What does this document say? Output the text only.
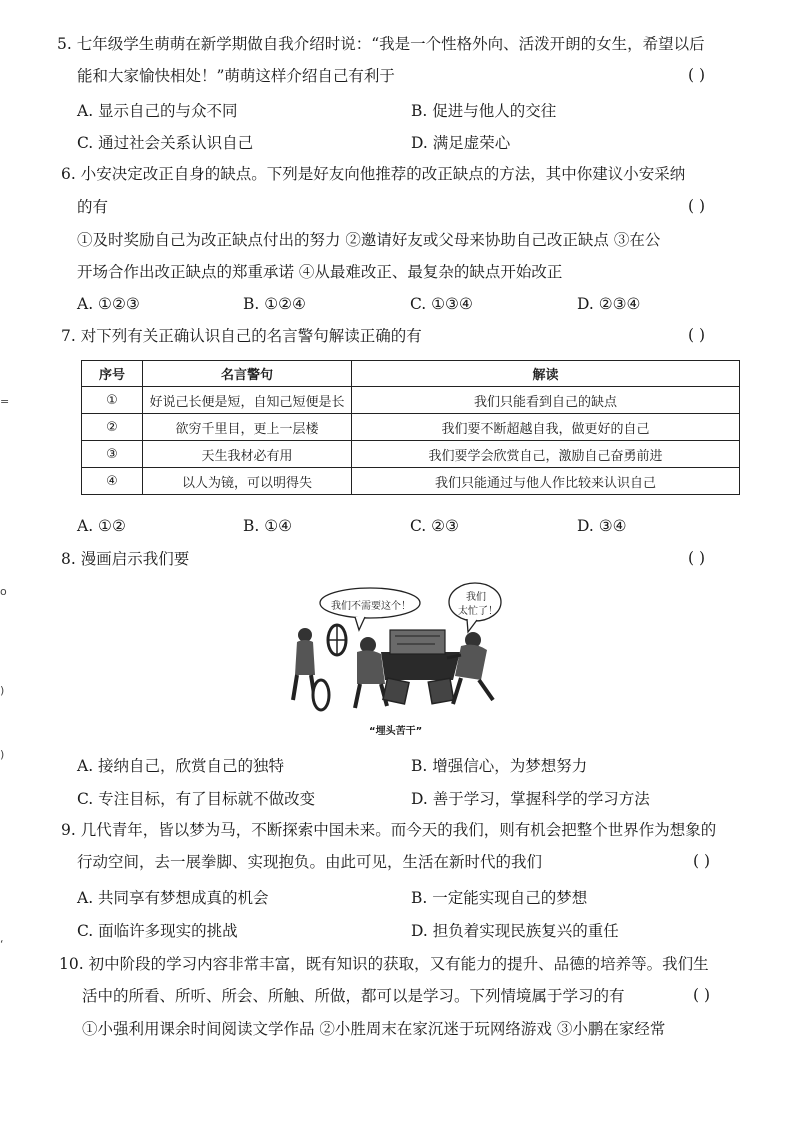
=
o
)
)
‘
5. 七年级学生萌萌在新学期做自我介绍时说：“我是一个性格外向、活泼开朗的女生，希望以后
能和大家愉快相处！”萌萌这样介绍自己有利于	( )
A. 显示自己的与众不同	B. 促进与他人的交往
C. 通过社会关系认识自己	D. 满足虚荣心
6. 小安决定改正自身的缺点。下列是好友向他推荐的改正缺点的方法，其中你建议小安采纳
的有	( )
①及时奖励自己为改正缺点付出的努力 ②邀请好友或父母来协助自己改正缺点 ③在公
开场合作出改正缺点的郑重承诺 ④从最难改正、最复杂的缺点开始改正
A. ①②③	B. ①②④	C. ①③④	D. ②③④
7. 对下列有关正确认识自己的名言警句解读正确的有	( )
序号	名言警句	解读
①	好说己长便是短，自知己短便是长	我们只能看到自己的缺点
②	欲穷千里目，更上一层楼	我们要不断超越自我，做更好的自己
③	天生我材必有用	我们要学会欣赏自己，激励自己奋勇前进
④	以人为镜，可以明得失	我们只能通过与他人作比较来认识自己
A. ①②	B. ①④	C. ②③	D. ③④
8. 漫画启示我们要	( )
我们不需要这个！
我们
太忙了！
“埋头苦干”
A. 接纳自己，欣赏自己的独特	B. 增强信心，为梦想努力
C. 专注目标，有了目标就不做改变	D. 善于学习，掌握科学的学习方法
9. 几代青年，皆以梦为马，不断探索中国未来。而今天的我们，则有机会把整个世界作为想象的
行动空间，去一展拳脚、实现抱负。由此可见，生活在新时代的我们	( )
A. 共同享有梦想成真的机会	B. 一定能实现自己的梦想
C. 面临许多现实的挑战	D. 担负着实现民族复兴的重任
10. 初中阶段的学习内容非常丰富，既有知识的获取，又有能力的提升、品德的培养等。我们生
活中的所看、所听、所会、所触、所做，都可以是学习。下列情境属于学习的有	( )
①小强利用课余时间阅读文学作品 ②小胜周末在家沉迷于玩网络游戏 ③小鹏在家经常
